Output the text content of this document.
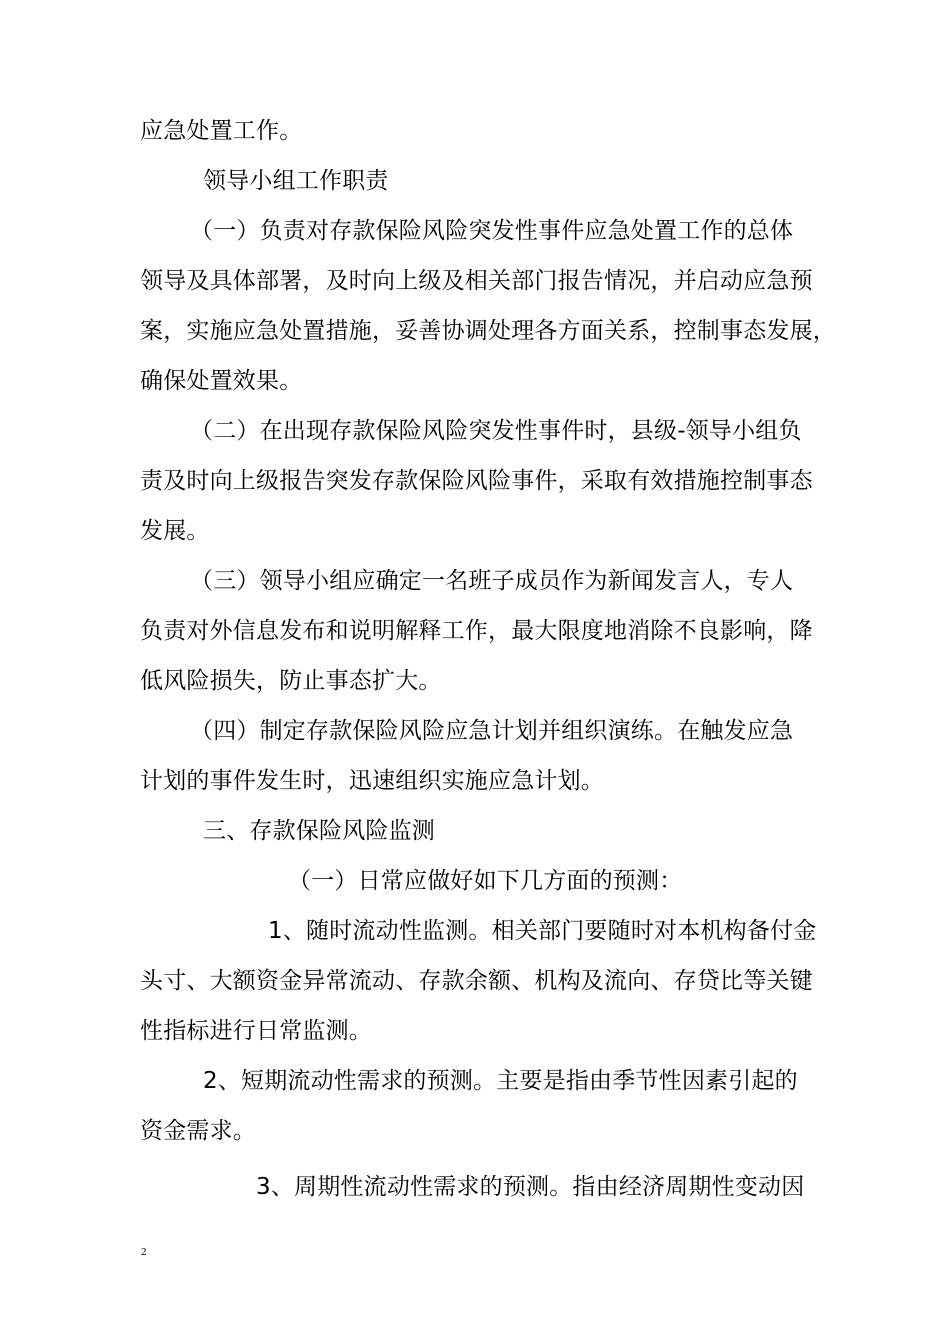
应急处置工作。
领导小组工作职责
（一）负责对存款保险风险突发性事件应急处置工作的总体
领导及具体部署，及时向上级及相关部门报告情况，并启动应急预
案，实施应急处置措施，妥善协调处理各方面关系，控制事态发展，
确保处置效果。
（二）在出现存款保险风险突发性事件时，县级-领导小组负
责及时向上级报告突发存款保险风险事件，采取有效措施控制事态
发展。
（三）领导小组应确定一名班子成员作为新闻发言人，专人
负责对外信息发布和说明解释工作，最大限度地消除不良影响，降
低风险损失，防止事态扩大。
（四）制定存款保险风险应急计划并组织演练。在触发应急
计划的事件发生时，迅速组织实施应急计划。
三、存款保险风险监测
（一）日常应做好如下几方面的预测：
1、随时流动性监测。相关部门要随时对本机构备付金
头寸、大额资金异常流动、存款余额、机构及流向、存贷比等关键
性指标进行日常监测。
2、短期流动性需求的预测。主要是指由季节性因素引起的
资金需求。
3、周期性流动性需求的预测。指由经济周期性变动因
2
